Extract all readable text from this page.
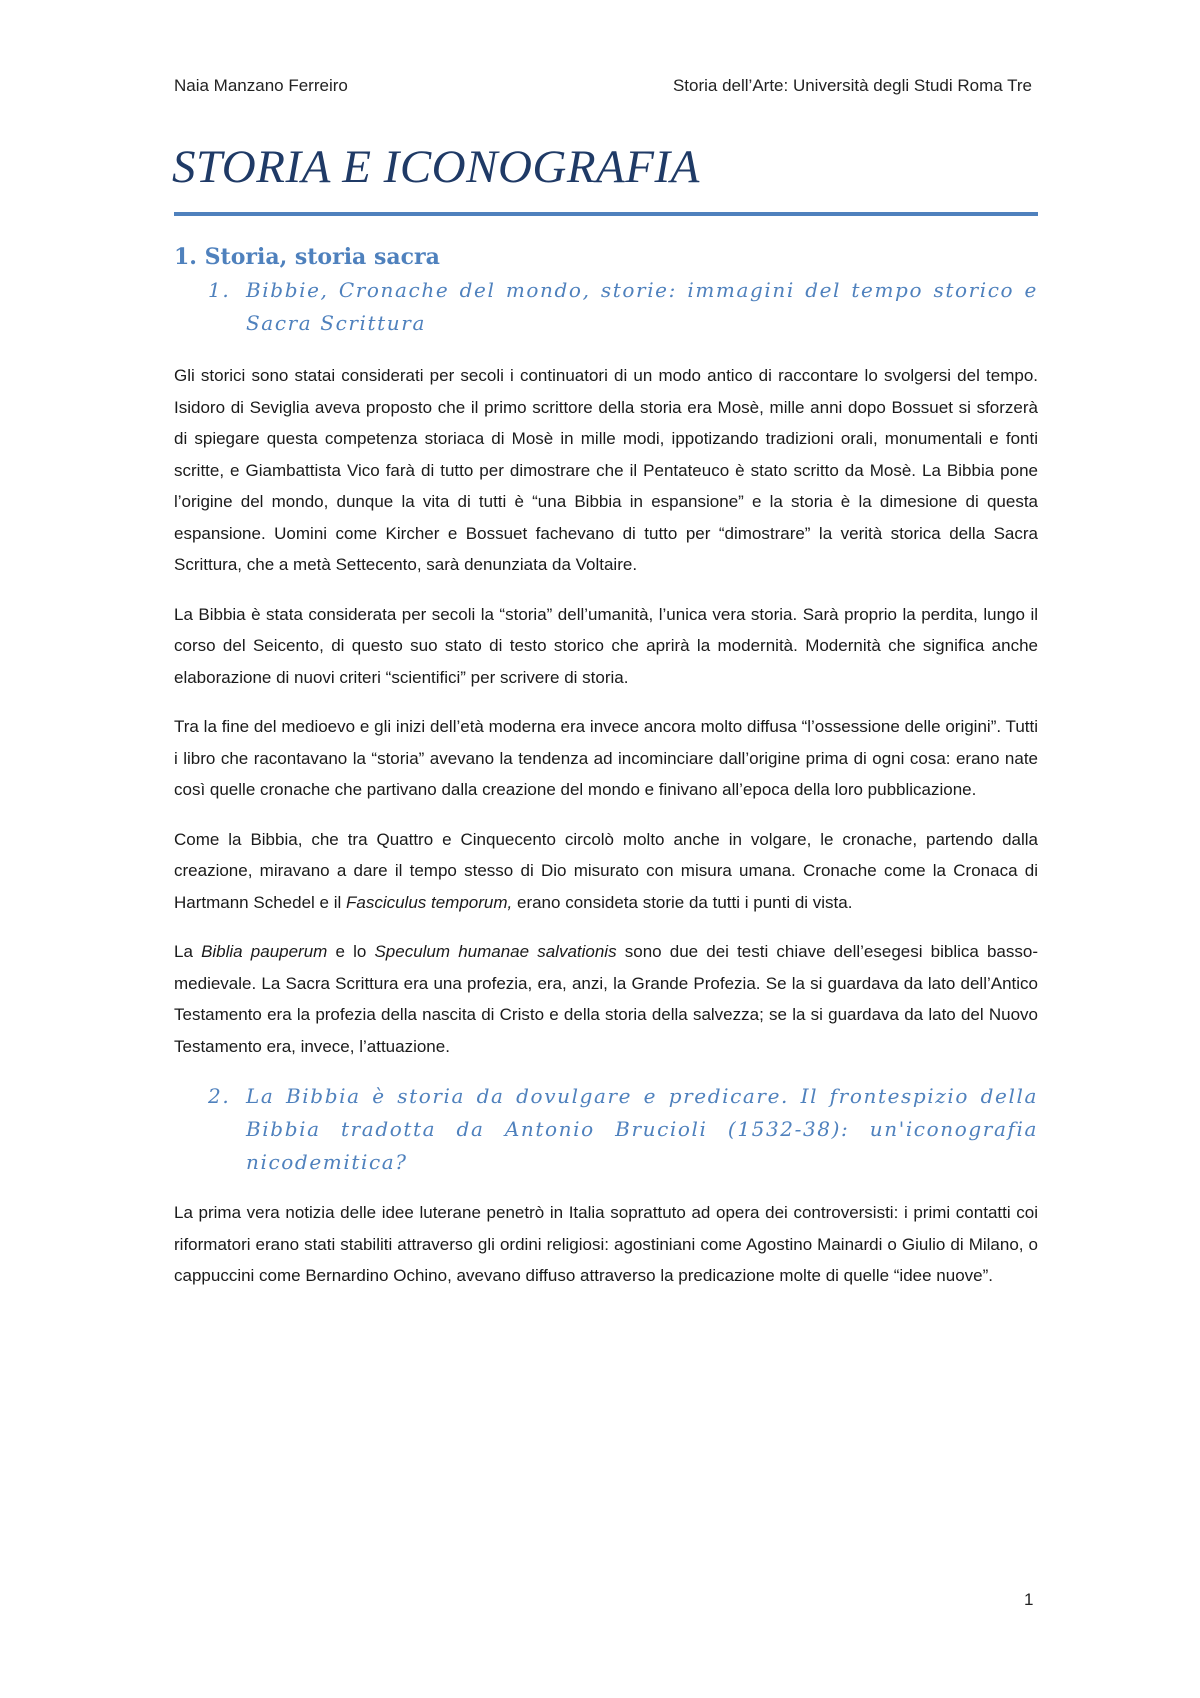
Naia Manzano Ferreiro	Storia dell’Arte: Università degli Studi Roma Tre
STORIA E ICONOGRAFIA
1. Storia, storia sacra
1. Bibbie, Cronache del mondo, storie: immagini del tempo storico e Sacra Scrittura

Gli storici sono statai considerati per secoli i continuatori di un modo antico di raccontare lo svolgersi del tempo. Isidoro di Seviglia aveva proposto che il primo scrittore della storia era Mosè, mille anni dopo Bossuet si sforzerà di spiegare questa competenza storiaca di Mosè in mille modi, ippotizando tradizioni orali, monumentali e fonti scritte, e Giambattista Vico farà di tutto per dimostrare che il Pentateuco è stato scritto da Mosè. La Bibbia pone l’origine del mondo, dunque la vita di tutti è “una Bibbia in espansione” e la storia è la dimesione di questa espansione. Uomini come Kircher e Bossuet fachevano di tutto per “dimostrare” la verità storica della Sacra Scrittura, che a metà Settecento, sarà denunziata da Voltaire.

La Bibbia è stata considerata per secoli la “storia” dell’umanità, l’unica vera storia. Sarà proprio la perdita, lungo il corso del Seicento, di questo suo stato di testo storico che aprirà la modernità. Modernità che significa anche elaborazione di nuovi criteri “scientifici” per scrivere di storia.

Tra la fine del medioevo e gli inizi dell’età moderna era invece ancora molto diffusa “l’ossessione delle origini”. Tutti i libro che racontavano la “storia” avevano la tendenza ad incominciare dall’origine prima di ogni cosa: erano nate così quelle cronache che partivano dalla creazione del mondo e finivano all’epoca della loro pubblicazione.

Come la Bibbia, che tra Quattro e Cinquecento circolò molto anche in volgare, le cronache, partendo dalla creazione, miravano a dare il tempo stesso di Dio misurato con misura umana. Cronache come la Cronaca di Hartmann Schedel e il Fasciculus temporum, erano consideta storie da tutti i punti di vista.

La Biblia pauperum e lo Speculum humanae salvationis sono due dei testi chiave dell’esegesi biblica basso-medievale. La Sacra Scrittura era una profezia, era, anzi, la Grande Profezia. Se la si guardava da lato dell’Antico Testamento era la profezia della nascita di Cristo e della storia della salvezza; se la si guardava da lato del Nuovo Testamento era, invece, l’attuazione.

2. La Bibbia è storia da dovulgare e predicare. Il frontespizio della Bibbia tradotta da Antonio Brucioli (1532-38): un'iconografia nicodemitica?

La prima vera notizia delle idee luterane penetrò in Italia soprattuto ad opera dei controversisti: i primi contatti coi riformatori erano stati stabiliti attraverso gli ordini religiosi: agostiniani come Agostino Mainardi o Giulio di Milano, o cappuccini come Bernardino Ochino, avevano diffuso attraverso la predicazione molte di quelle “idee nuove”.

1
